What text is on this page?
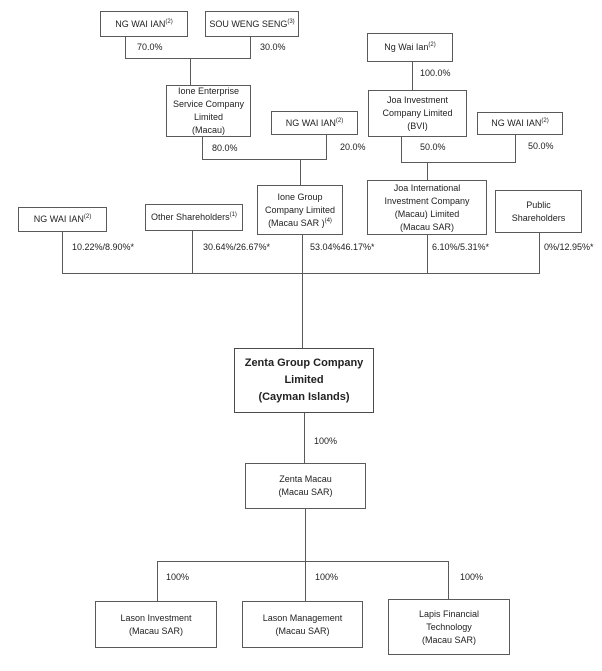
NG WAI IAN$^{(2)}$	SOU WENG SENG$^{(3)}$
Ng Wai Ian$^{(2)}$
Ione Enterprise
Service Company
Limited
(Macau)
NG WAI IAN$^{(2)}$
Joa Investment
Company Limited
(BVI)	NG WAI IAN$^{(2)}$
NG WAI IAN$^{(2)}$	Other Shareholders$^{(1)}$
Ione Group
Company Limited
(Macau SAR )$^{(4)}$
Joa International
Investment Company
(Macau) Limited
(Macau SAR)
Public
Shareholders
Zenta Group Company
Limited
(Cayman Islands)
Zenta Macau
(Macau SAR)
Lason Investment
(Macau SAR)
Lason Management
(Macau SAR)
Lapis Financial
Technology
(Macau SAR)
70.0%	30.0%
100.0%
80.0%	20.0%	50.0%	50.0%
10.22%/8.90%*	30.64%/26.67%*	53.04%46.17%*	6.10%/5.31%*	0%/12.95%*
100%
100%	100%	100%
